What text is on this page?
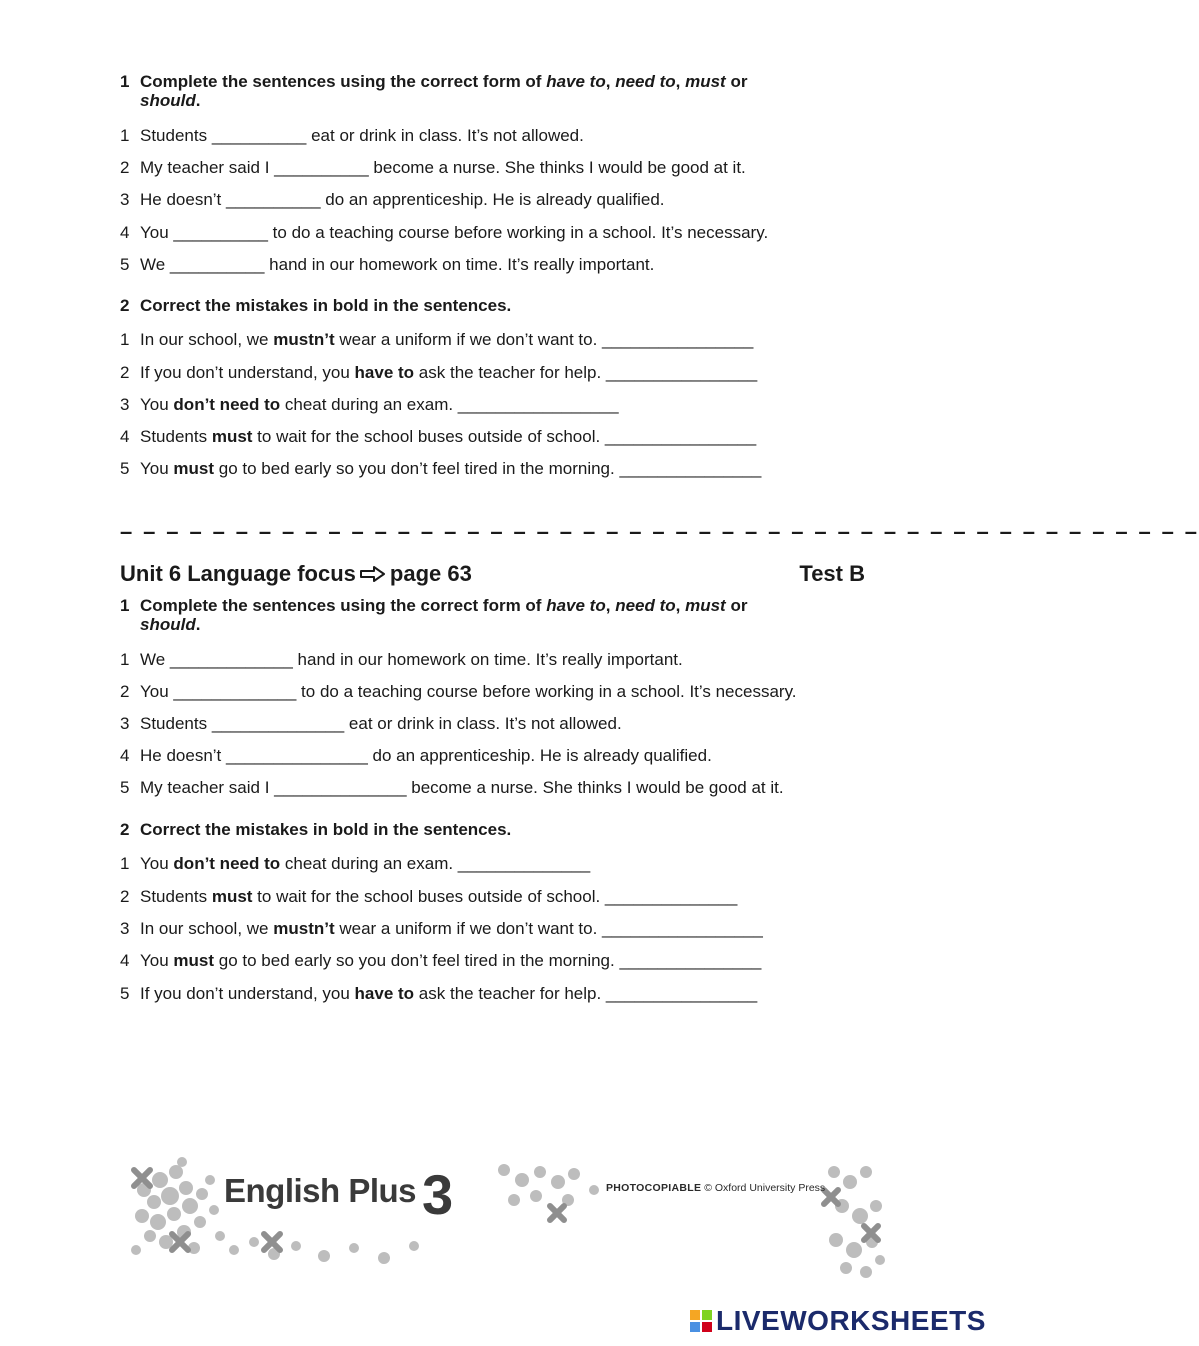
1 Complete the sentences using the correct form of have to, need to, must or
should.
1 Students __________ eat or drink in class. It’s not allowed.
2 My teacher said I __________ become a nurse. She thinks I would be good at it.
3 He doesn’t __________ do an apprenticeship. He is already qualified.
4 You __________ to do a teaching course before working in a school. It’s necessary.
5 We __________ hand in our homework on time. It’s really important.
2 Correct the mistakes in bold in the sentences.
1 In our school, we mustn’t wear a uniform if we don’t want to. ________________
2 If you don’t understand, you have to ask the teacher for help. ________________
3 You don’t need to cheat during an exam. _________________
4 Students must to wait for the school buses outside of school. ________________
5 You must go to bed early so you don’t feel tired in the morning. _______________
– – – – – – – – – – – – – – – – – – – – – – – – – – – – – – – – – – – – – – – – – – – – – – –
Unit 6 Language focus page 63	Test B
1 Complete the sentences using the correct form of have to, need to, must or
should.
1 We _____________ hand in our homework on time. It’s really important.
2 You _____________ to do a teaching course before working in a school. It’s necessary.
3 Students ______________ eat or drink in class. It’s not allowed.
4 He doesn’t _______________ do an apprenticeship. He is already qualified.
5 My teacher said I ______________ become a nurse. She thinks I would be good at it.
2 Correct the mistakes in bold in the sentences.
1 You don’t need to cheat during an exam. ______________
2 Students must to wait for the school buses outside of school. ______________
3 In our school, we mustn’t wear a uniform if we don’t want to. _________________
4 You must go to bed early so you don’t feel tired in the morning. _______________
5 If you don’t understand, you have to ask the teacher for help. ________________
English Plus 3	PHOTOCOPIABLE © Oxford University Press
LIVEWORKSHEETS
